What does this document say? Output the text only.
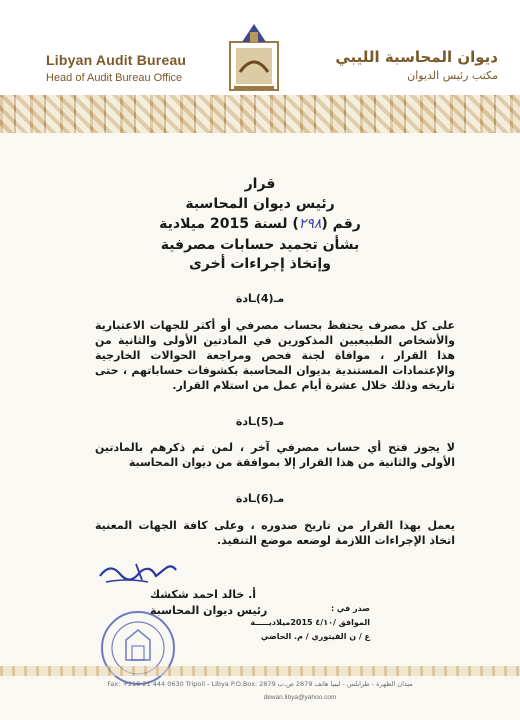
Libyan Audit Bureau
Head of Audit Bureau Office
ديوان المحاسبة الليبي
مكتب رئيس الديوان
قرار
رئيس ديوان المحاسبة
رقم (٢٩٨) لسنة 2015 ميلادية
بشأن تجميد حسابات مصرفية
وإتخاذ إجراءات أخرى
مـ(4)ـادة
على كل مصرف يحتفظ بحساب مصرفي أو أكثر للجهات الاعتبارية والأشخاص الطبيعيين المذكورين في المادتين الأولى والثانية من هذا القرار ، موافاة لجنة فحص ومراجعة الحوالات الخارجية والإعتمادات المستندية بديوان المحاسبة بكشوفات حساباتهم ، حتى تاريخه وذلك خلال عشرة أيام عمل من استلام القرار.
مـ(5)ـادة
لا يجوز فتح أي حساب مصرفي آخر ، لمن تم ذكرهم بالمادتين الأولى والثانية من هذا القرار إلا بموافقة من ديوان المحاسبة
مـ(6)ـادة
يعمل بهذا القرار من تاريخ صدوره ، وعلى كافة الجهات المعنية اتخاذ الإجراءات اللازمة لوضعه موضع التنفيذ.
أ. خالد احمد شكشك
رئيس ديوان المحاسبة	صدر في :
الموافق /٤/١٠ 2015ميلاديـــــة
ع / ن الفيتوري / م. الحاضي
ميدان الظهرة - طرابلس - ليبيا هاتف 2879 ص.ب Fax: +218 21 444 0630 Tripoli - Libya P.O.Box: 2879
dewan.libya@yahoo.com
